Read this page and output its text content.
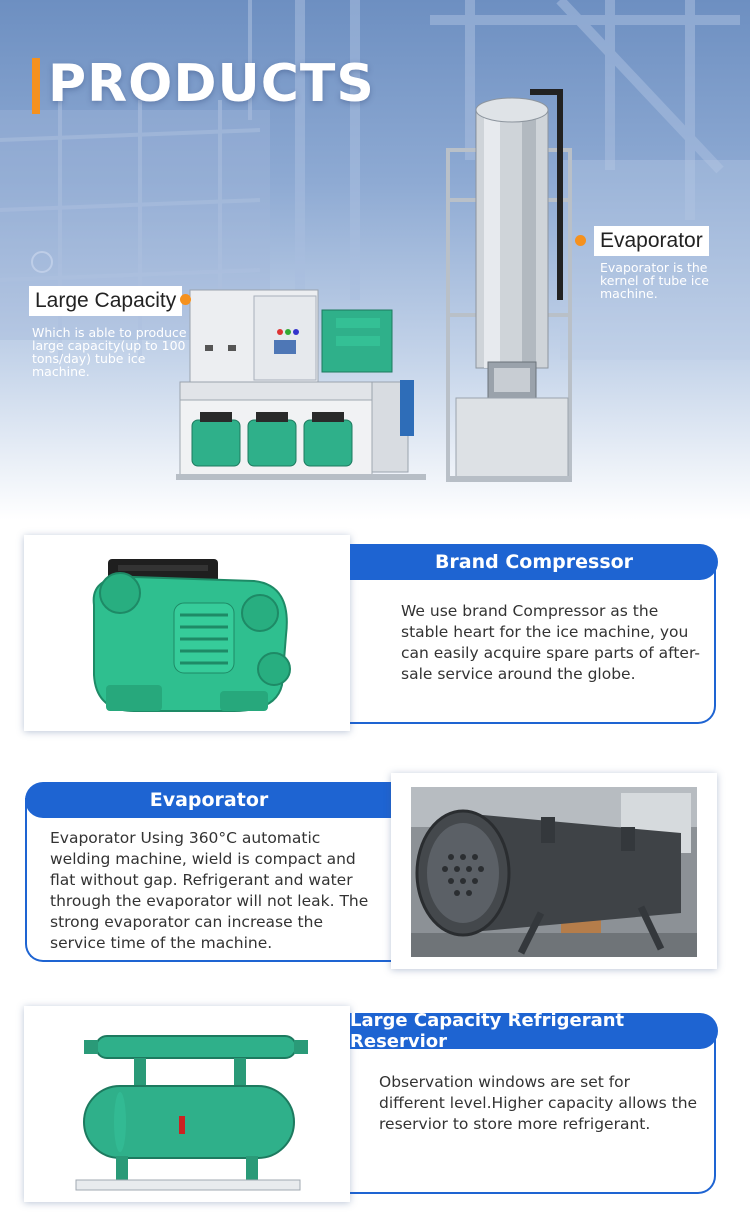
PRODUCTS
Large Capacity

Which is able to produce large capacity(up to 100 tons/day) tube ice machine.

Evaporator

Evaporator is the kernel of tube ice machine.

Brand Compressor

We use brand Compressor as the stable heart for the ice machine, you can easily acquire spare parts of after-sale service around the globe.

Evaporator

Evaporator Using 360°C automatic welding machine, wield is compact and flat without gap. Refrigerant and water through the evaporator will not leak. The strong evaporator can increase the service time of the machine.

Large Capacity Refrigerant Reservior

Observation windows are set for different level.Higher capacity allows the reservior to store more refrigerant.
